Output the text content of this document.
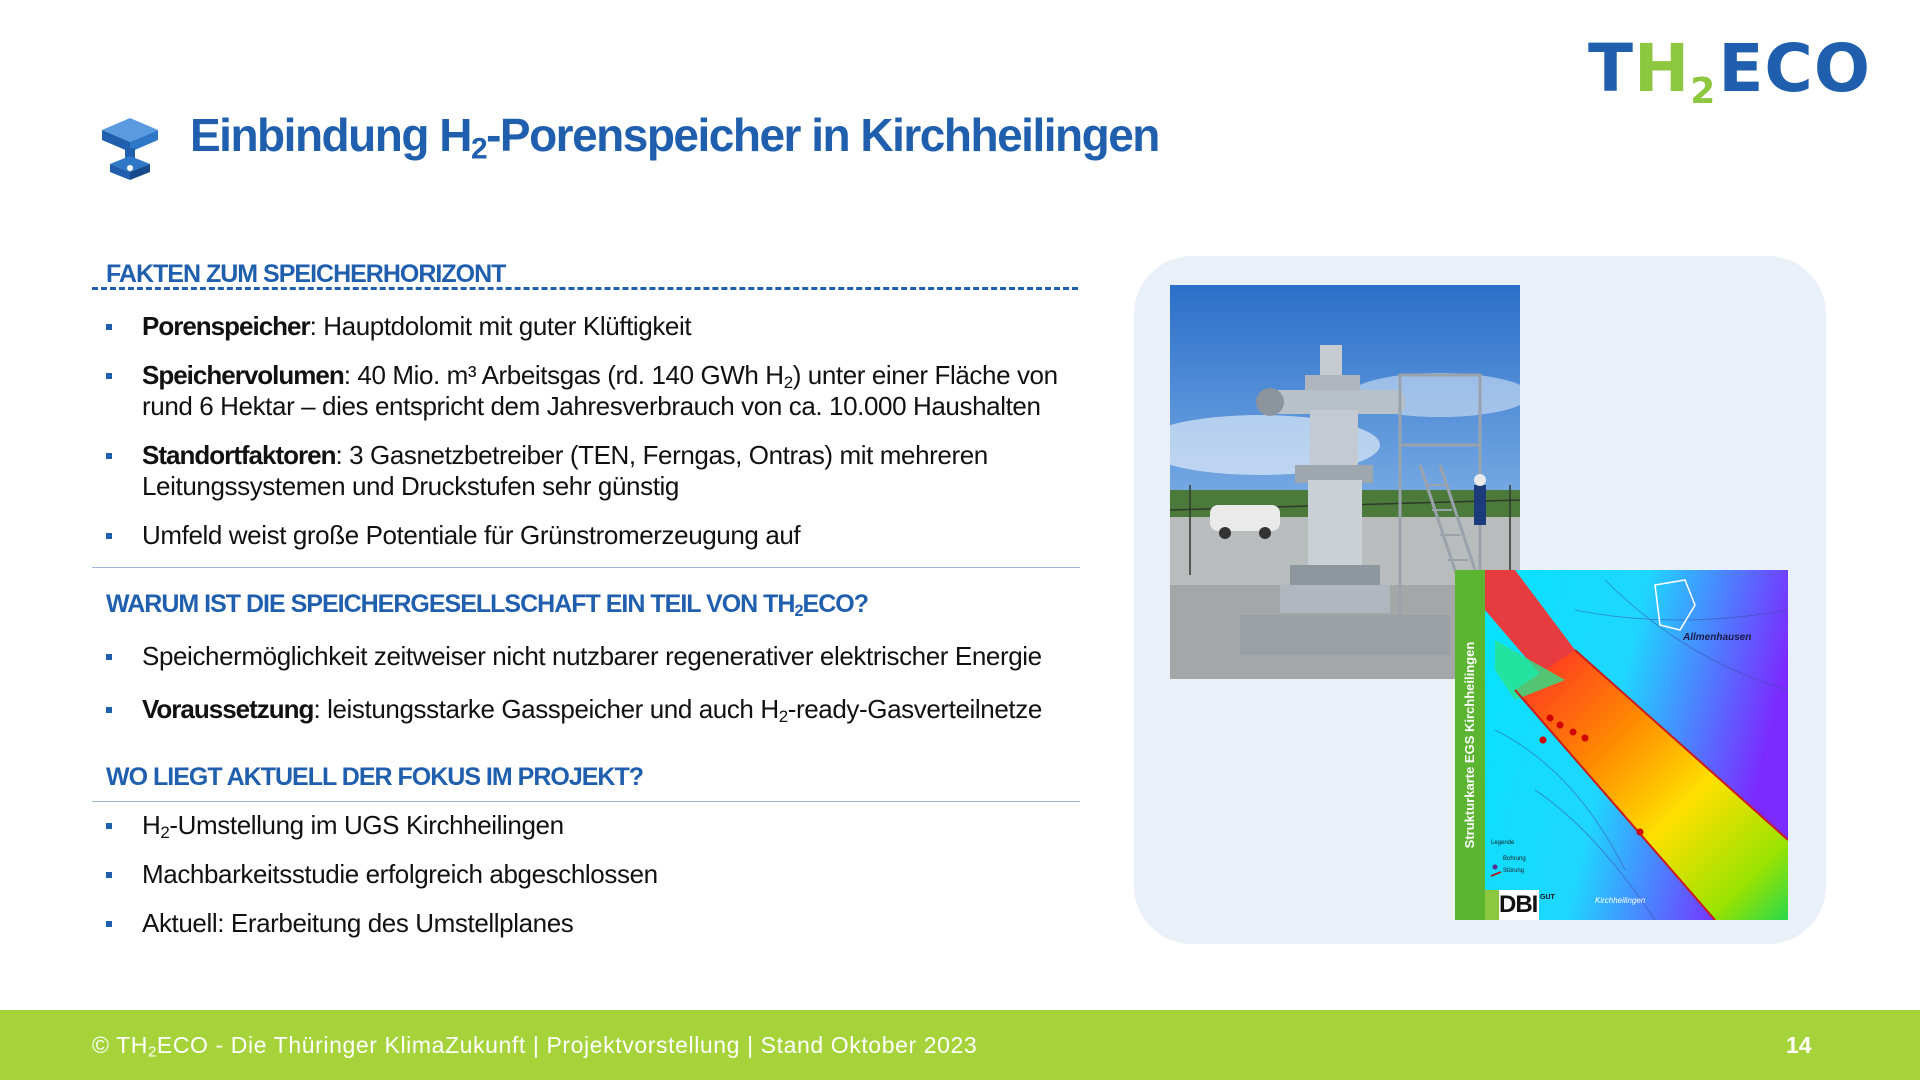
T H 2 ECO
Einbindung $H_2$-Porenspeicher in Kirchheilingen
FAKTEN ZUM SPEICHERHORIZONT
Porenspeicher: Hauptdolomit mit guter Klüftigkeit
Speichervolumen: 40 Mio. m³ Arbeitsgas (rd. 140 GWh $H_2$) unter einer Fläche von
rund 6 Hektar – dies entspricht dem Jahresverbrauch von ca. 10.000 Haushalten
Standortfaktoren: 3 Gasnetzbetreiber (TEN, Ferngas, Ontras) mit mehreren
Leitungssystemen und Druckstufen sehr günstig
Umfeld weist große Potentiale für Grünstromerzeugung auf
WARUM IST DIE SPEICHERGESELLSCHAFT EIN TEIL VON $TH_2ECO$?
Speichermöglichkeit zeitweiser nicht nutzbarer regenerativer elektrischer Energie
Voraussetzung: leistungsstarke Gasspeicher und auch $H_2-ready$-Gasverteilnetze
WO LIEGT AKTUELL DER FOKUS IM PROJEKT?
$H_2$-Umstellung im UGS Kirchheilingen
Machbarkeitsstudie erfolgreich abgeschlossen
Aktuell: Erarbeitung des Umstellplanes
Strukturkarte EGS Kirchheilingen
Allmenhausen
Kirchheilingen
Legende
Bohrung
Störung
DBI GUT
© $TH_2ECO$ - Die Thüringer KlimaZukunft | Projektvorstellung | Stand Oktober 2023	14
